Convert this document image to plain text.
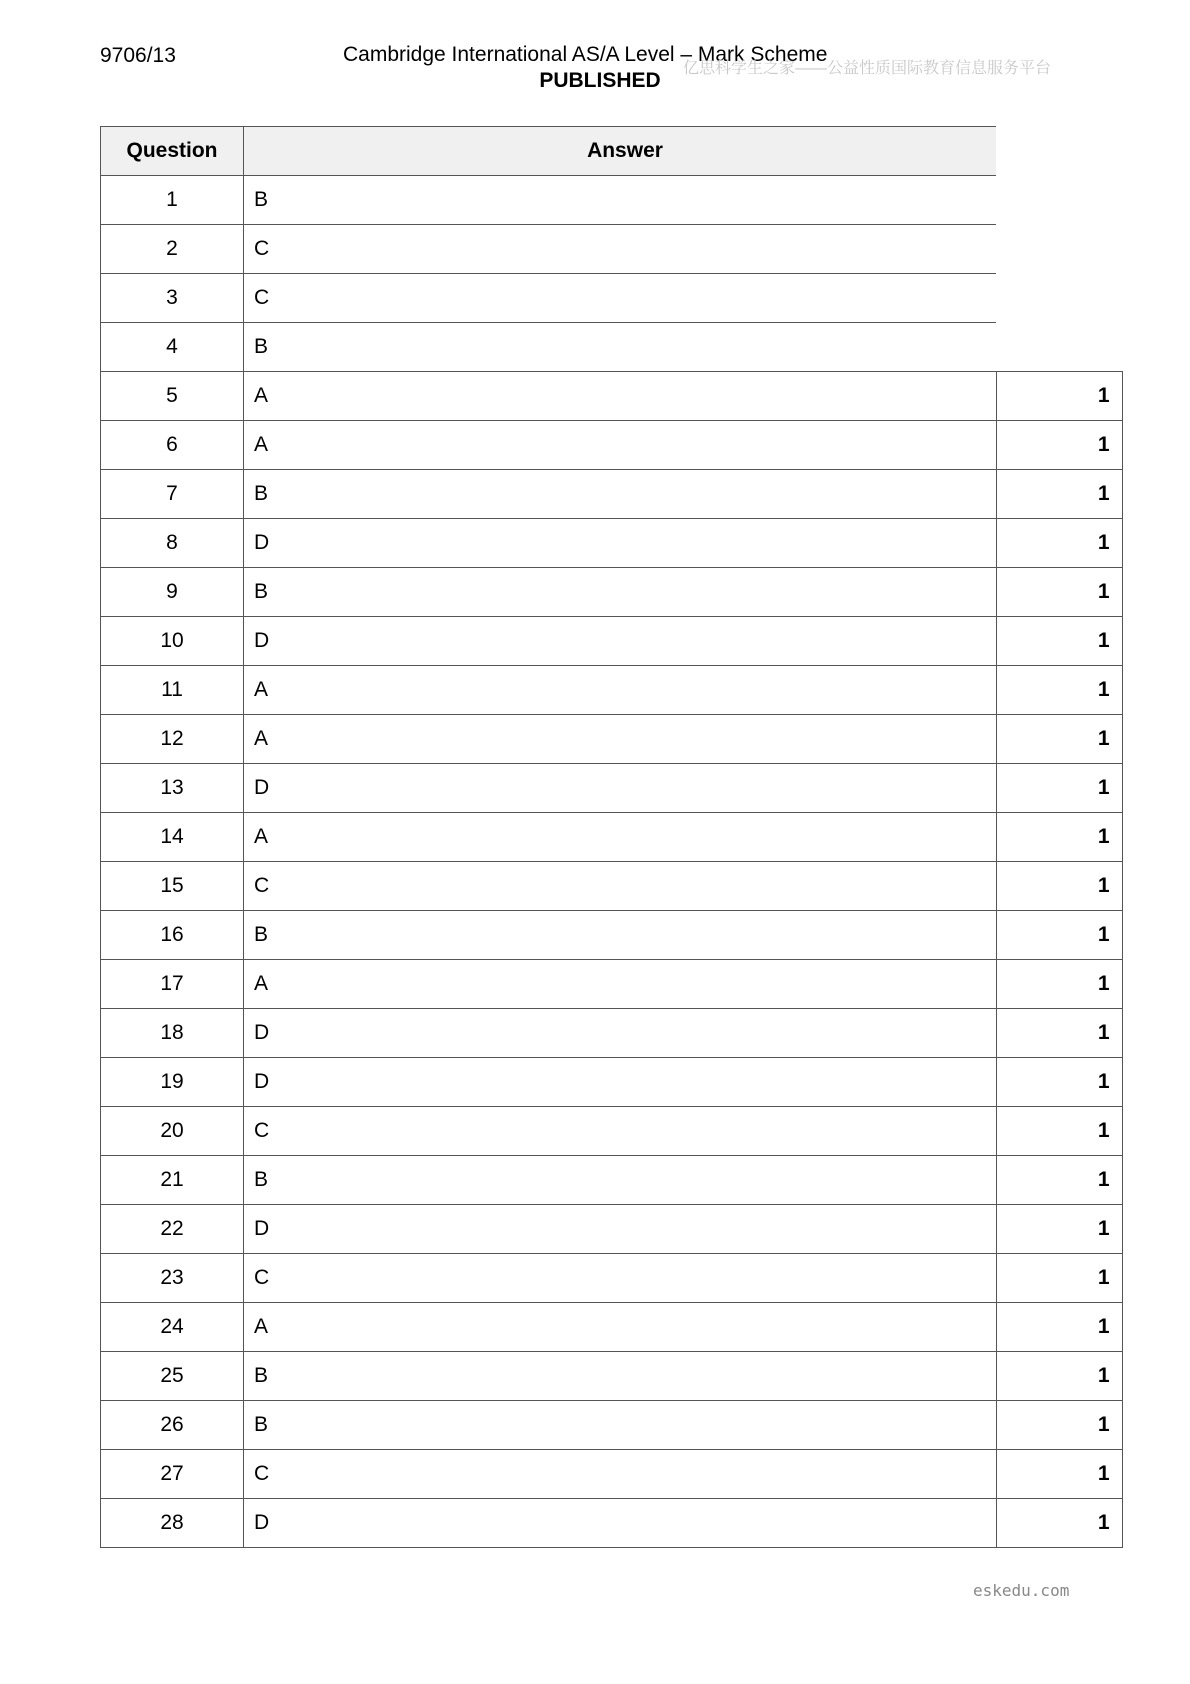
9706/13	Cambridge International AS/A Level – Mark Scheme
PUBLISHED
亿思科学生之家——公益性质国际教育信息服务平台
Question	Answer	
1	B	
2	C	
3	C	
4	B	
5	A	1
6	A	1
7	B	1
8	D	1
9	B	1
10	D	1
11	A	1
12	A	1
13	D	1
14	A	1
15	C	1
16	B	1
17	A	1
18	D	1
19	D	1
20	C	1
21	B	1
22	D	1
23	C	1
24	A	1
25	B	1
26	B	1
27	C	1
28	D	1
eskedu.com
